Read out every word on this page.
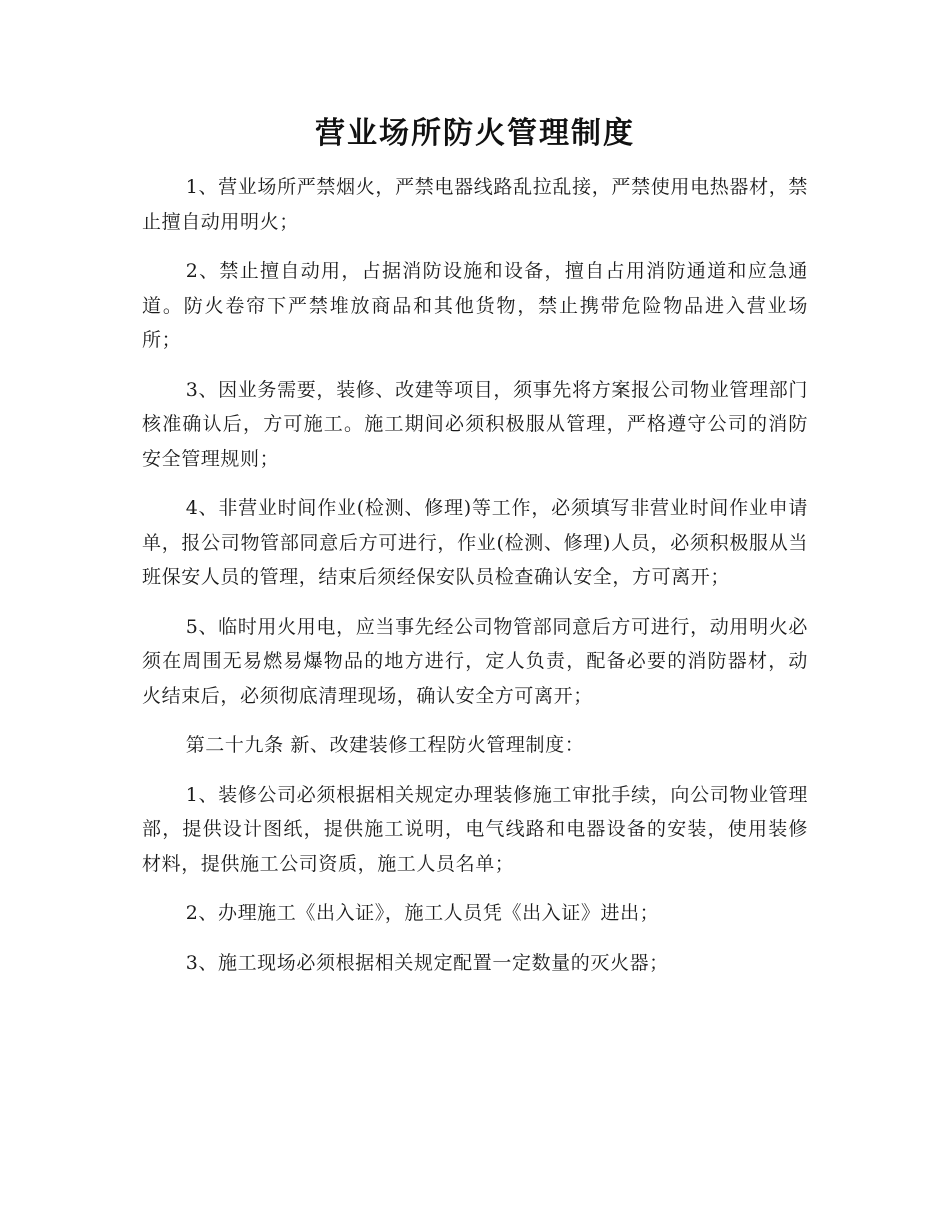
营业场所防火管理制度

1、营业场所严禁烟火，严禁电器线路乱拉乱接，严禁使用电热器材，禁止擅自动用明火；

2、禁止擅自动用，占据消防设施和设备，擅自占用消防通道和应急通道。防火卷帘下严禁堆放商品和其他货物，禁止携带危险物品进入营业场所；

3、因业务需要，装修、改建等项目，须事先将方案报公司物业管理部门核准确认后，方可施工。施工期间必须积极服从管理，严格遵守公司的消防安全管理规则；

4、非营业时间作业(检测、修理)等工作，必须填写非营业时间作业申请单，报公司物管部同意后方可进行，作业(检测、修理)人员，必须积极服从当班保安人员的管理，结束后须经保安队员检查确认安全，方可离开；

5、临时用火用电，应当事先经公司物管部同意后方可进行，动用明火必须在周围无易燃易爆物品的地方进行，定人负责，配备必要的消防器材，动火结束后，必须彻底清理现场，确认安全方可离开；

第二十九条 新、改建装修工程防火管理制度：

1、装修公司必须根据相关规定办理装修施工审批手续，向公司物业管理部，提供设计图纸，提供施工说明，电气线路和电器设备的安装，使用装修材料，提供施工公司资质，施工人员名单；

2、办理施工《出入证》，施工人员凭《出入证》进出；

3、施工现场必须根据相关规定配置一定数量的灭火器；
